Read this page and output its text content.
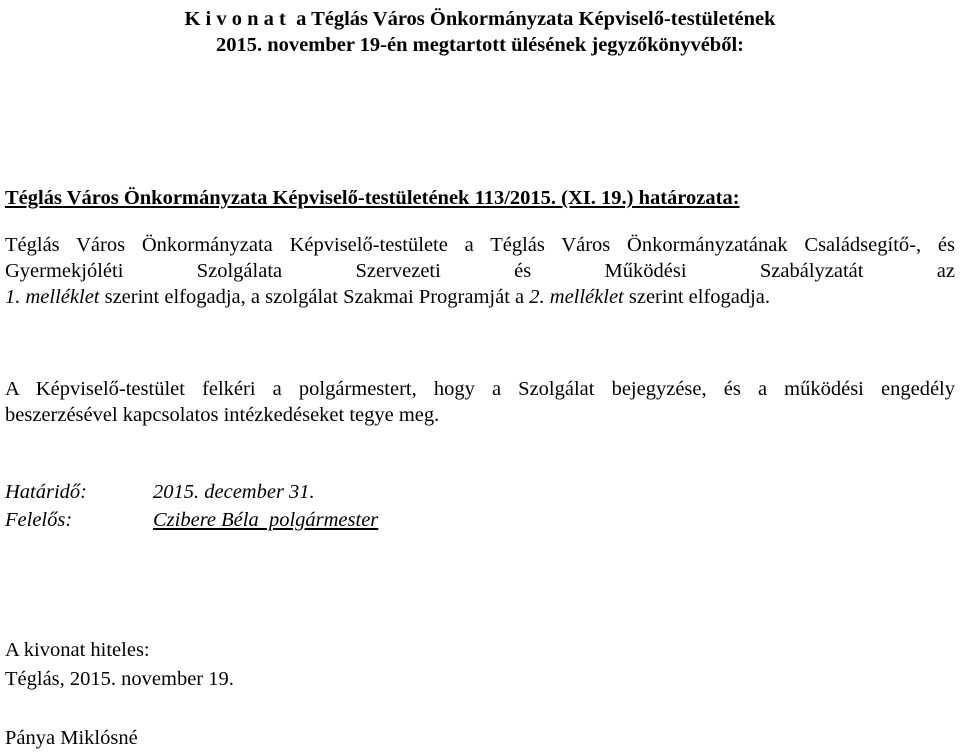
K i v o n a t  a Téglás Város Önkormányzata Képviselő-testületének
2015. november 19-én megtartott ülésének jegyzőkönyvéből:
Téglás Város Önkormányzata Képviselő-testületének 113/2015. (XI. 19.) határozata:
Téglás Város Önkormányzata Képviselő-testülete a Téglás Város Önkormányzatának Családsegítő-, és
Gyermekjóléti Szolgálata Szervezeti és Működési Szabályzatát az
1. melléklet szerint elfogadja, a szolgálat Szakmai Programját a 2. melléklet szerint elfogadja.
A Képviselő-testület felkéri a polgármestert, hogy a Szolgálat bejegyzése, és a működési engedély
beszerzésével kapcsolatos intézkedéseket tegye meg.
Határidő:	2015. december 31.
Felelős:	Czibere Béla  polgármester
A kivonat hiteles:
Téglás, 2015. november 19.
Pánya Miklósné
